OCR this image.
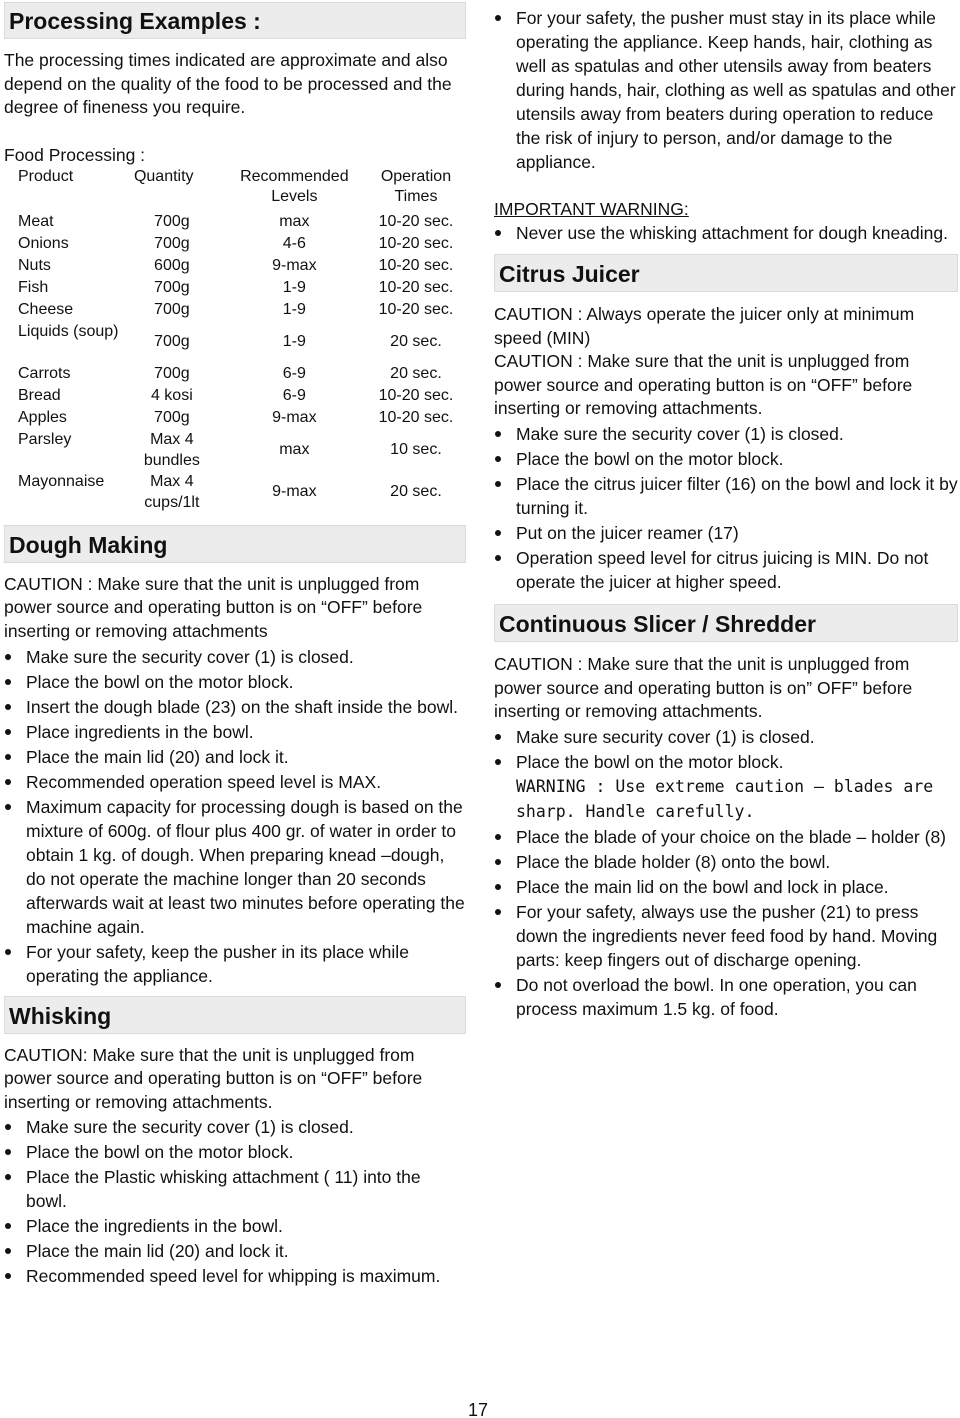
Processing Examples :

The processing times indicated are approximate and also depend on the quality of the food to be processed and the degree of fineness you require.

Food Processing :
Product	Quantity	Recommended Levels	Operation Times

Meat	700g	max	10-20 sec.
Onions	700g	4-6	10-20 sec.
Nuts	600g	9-max	10-20 sec.
Fish	700g	1-9	10-20 sec.
Cheese	700g	1-9	10-20 sec.
Liquids (soup)	700g	1-9	20 sec.
Carrots	700g	6-9	20 sec.
Bread	4 kosi	6-9	10-20 sec.
Apples	700g	9-max	10-20 sec.
Parsley	Max 4 bundles	max	10 sec.
Mayonnaise	Max 4 cups/1lt	9-max	20 sec.
Dough Making

CAUTION : Make sure that the unit is unplugged from power source and operating button is on “OFF” before inserting or removing attachments

Make sure the security cover (1) is closed.
Place the bowl on the motor block.
Insert the dough blade (23) on the shaft inside the bowl.
Place ingredients in the bowl.
Place the main lid (20) and lock it.
Recommended operation speed level is MAX.
Maximum capacity for processing dough is based on the mixture of 600g. of flour plus 400 gr. of water in order to obtain 1 kg. of dough. When preparing knead –dough, do not operate the machine longer than 20 seconds afterwards wait at least two minutes before operating the machine again.
For your safety, keep the pusher in its place while operating the appliance.
Whisking

CAUTION: Make sure that the unit is unplugged from power source and operating button is on “OFF” before inserting or removing attachments.

Make sure the security cover (1) is closed.
Place the bowl on the motor block.
Place the Plastic whisking attachment ( 11) into the bowl.
Place the ingredients in the bowl.
Place the main lid (20) and lock it.
Recommended speed level for whipping is maximum.
For your safety, the pusher must stay in its place while operating the appliance. Keep hands, hair, clothing as well as spatulas and other utensils away from beaters during hands, hair, clothing as well as spatulas and other utensils away from beaters during operation to reduce the risk of injury to person, and/or damage to the appliance.
IMPORTANT WARNING:
Never use the whisking attachment for dough kneading.
Citrus Juicer

CAUTION : Always operate the juicer only at minimum speed (MIN)

CAUTION : Make sure that the unit is unplugged from power source and operating button is on “OFF” before inserting or removing attachments.

Make sure the security cover (1) is closed.
Place the bowl on the motor block.
Place the citrus juicer filter (16) on the bowl and lock it by turning it.
Put on the juicer reamer (17)
Operation speed level for citrus juicing is MIN. Do not operate the juicer at higher speed.
Continuous Slicer / Shredder

CAUTION : Make sure that the unit is unplugged from power source and operating button is on” OFF” before inserting or removing attachments.

Make sure security cover (1) is closed.
Place the bowl on the motor block.
WARNING : Use extreme caution – blades are sharp. Handle carefully.
Place the blade of your choice on the blade – holder (8)
Place the blade holder (8) onto the bowl.
Place the main lid on the bowl and lock in place.
For your safety, always use the pusher (21) to press down the ingredients never feed food by hand. Moving parts: keep fingers out of discharge opening.
Do not overload the bowl. In one operation, you can process maximum 1.5 kg. of food.
17
